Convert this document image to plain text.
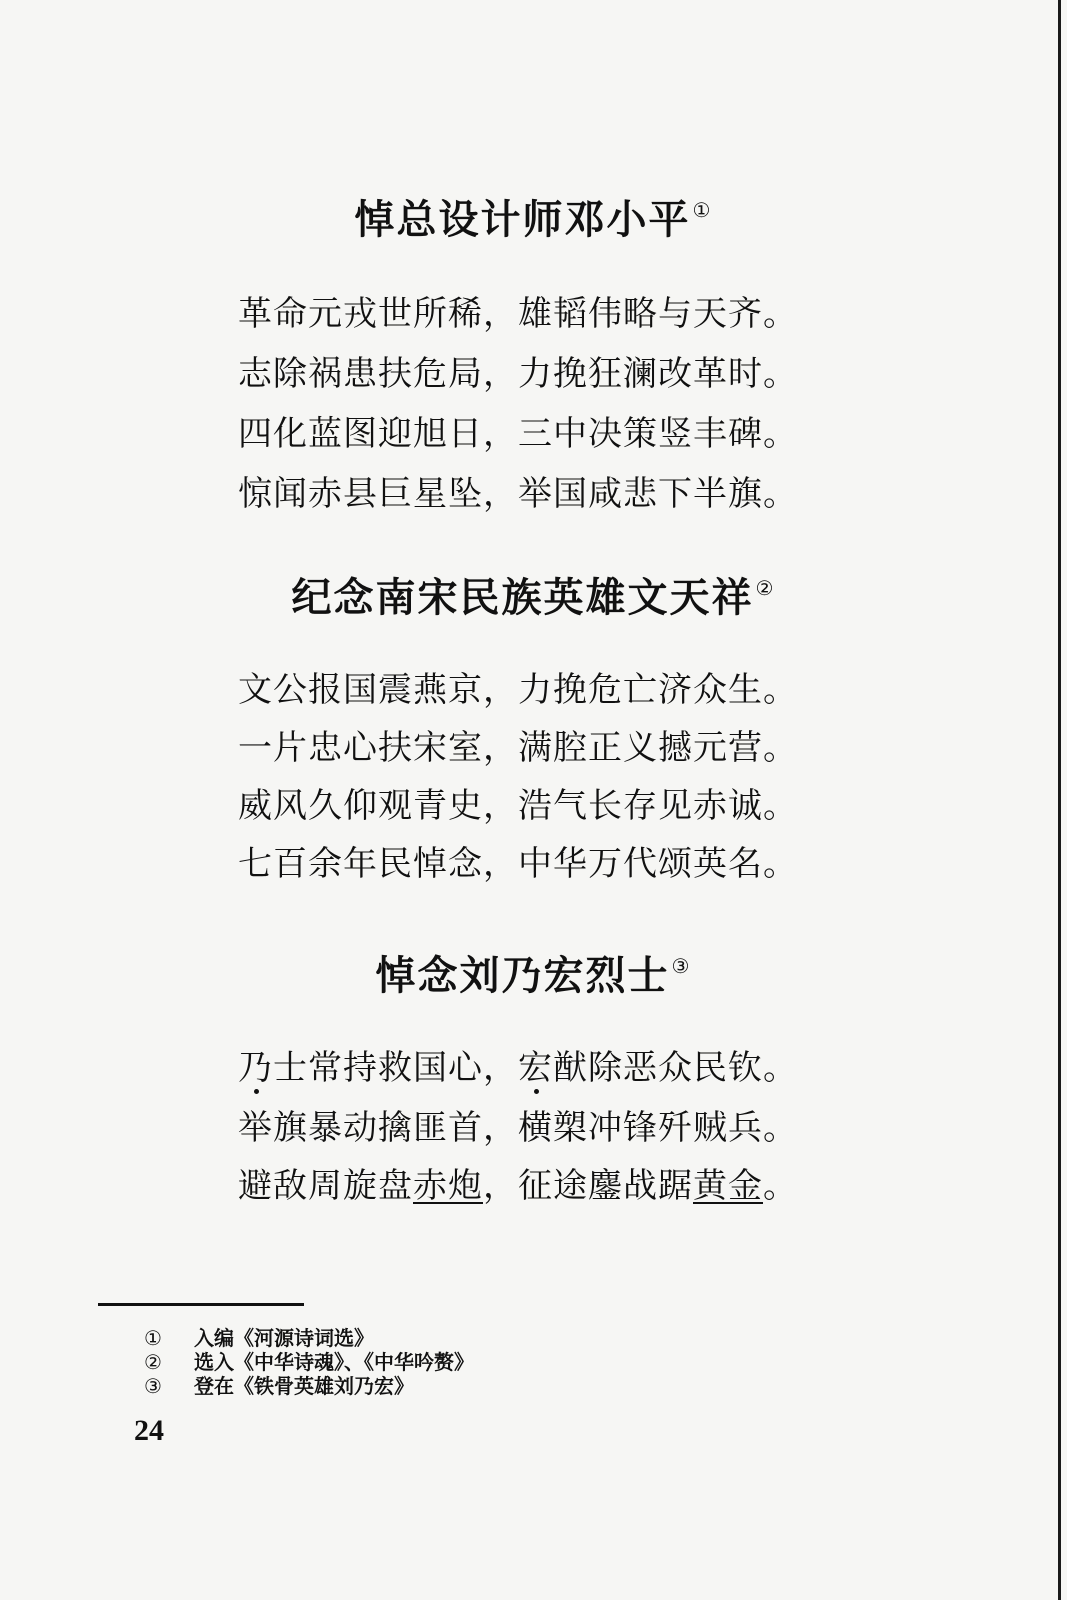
悼总设计师邓小平 ①
革命元戎世所稀，雄韬伟略与天齐。
志除祸患扶危局，力挽狂澜改革时。
四化蓝图迎旭日，三中决策竖丰碑。
惊闻赤县巨星坠，举国咸悲下半旗。
纪念南宋民族英雄文天祥 ②
文公报国震燕京，力挽危亡济众生。
一片忠心扶宋室，满腔正义撼元营。
威风久仰观青史，浩气长存见赤诚。
七百余年民悼念，中华万代颂英名。
悼念刘乃宏烈士 ③
乃士常持救国心，宏猷除恶众民钦。
举旗暴动擒匪首，横槊冲锋歼贼兵。
避敌周旋盘赤炮，征途鏖战踞黄金。
① 入编《河源诗词选》
② 选入《中华诗魂》、《中华吟赘》
③ 登在《铁骨英雄刘乃宏》
24
